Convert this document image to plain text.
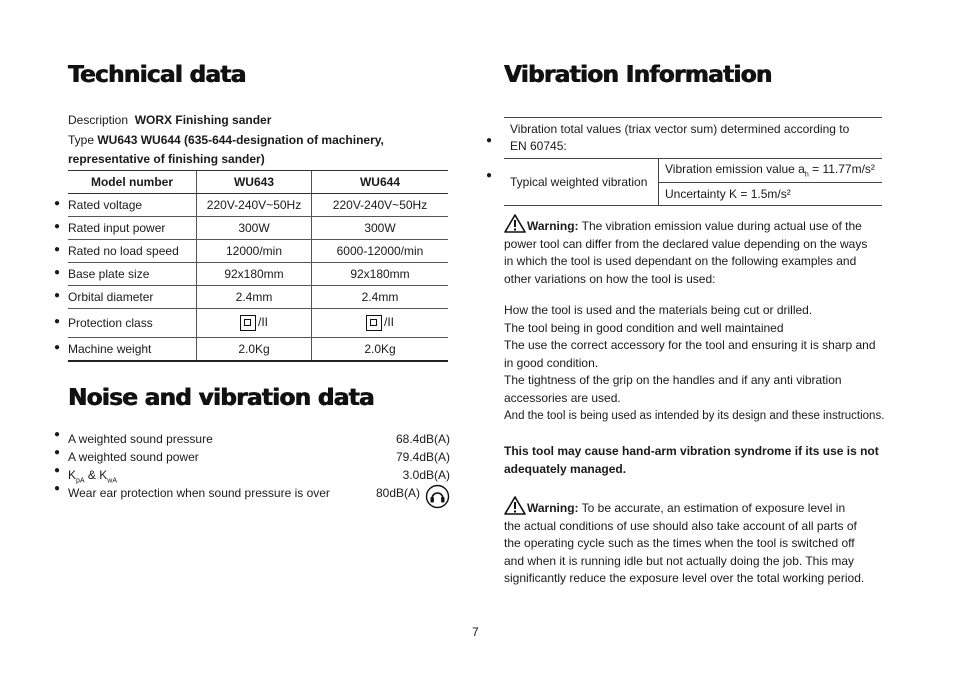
Technical data
Description WORX Finishing sander
Type WU643 WU644 (635-644-designation of machinery,
representative of finishing sander)
	Model number	WU643	WU644
●	Rated voltage	220V-240V~50Hz	220V-240V~50Hz
●	Rated input power	300W	300W
●	Rated no load speed	12000/min	6000-12000/min
●	Base plate size	92x180mm	92x180mm
●	Orbital diameter	2.4mm	2.4mm
●	Protection class	/II	/II
●	Machine weight	2.0Kg	2.0Kg
Noise and vibration data
● A weighted sound pressure	68.4dB(A)
● A weighted sound power	79.4dB(A)
● $K_{pA}$ & $K_{wA}$	3.0dB(A)
● Wear ear protection when sound pressure is over	80dB(A)
Vibration Information
●
●
Vibration total values (triax vector sum) determined according to
EN 60745:

Typical weighted vibration	Vibration emission value $a_h = 11.77m/s^2$
Uncertainty K = 1.5m/s²
Warning: The vibration emission value during actual use of the
power tool can differ from the declared value depending on the ways
in which the tool is used dependant on the following examples and
other variations on how the tool is used:
How the tool is used and the materials being cut or drilled.
The tool being in good condition and well maintained
The use the correct accessory for the tool and ensuring it is sharp and
in good condition.
The tightness of the grip on the handles and if any anti vibration
accessories are used.
And the tool is being used as intended by its design and these instructions.
This tool may cause hand-arm vibration syndrome if its use is not
adequately managed.
Warning: To be accurate, an estimation of exposure level in
the actual conditions of use should also take account of all parts of
the operating cycle such as the times when the tool is switched off
and when it is running idle but not actually doing the job. This may
significantly reduce the exposure level over the total working period.
7
